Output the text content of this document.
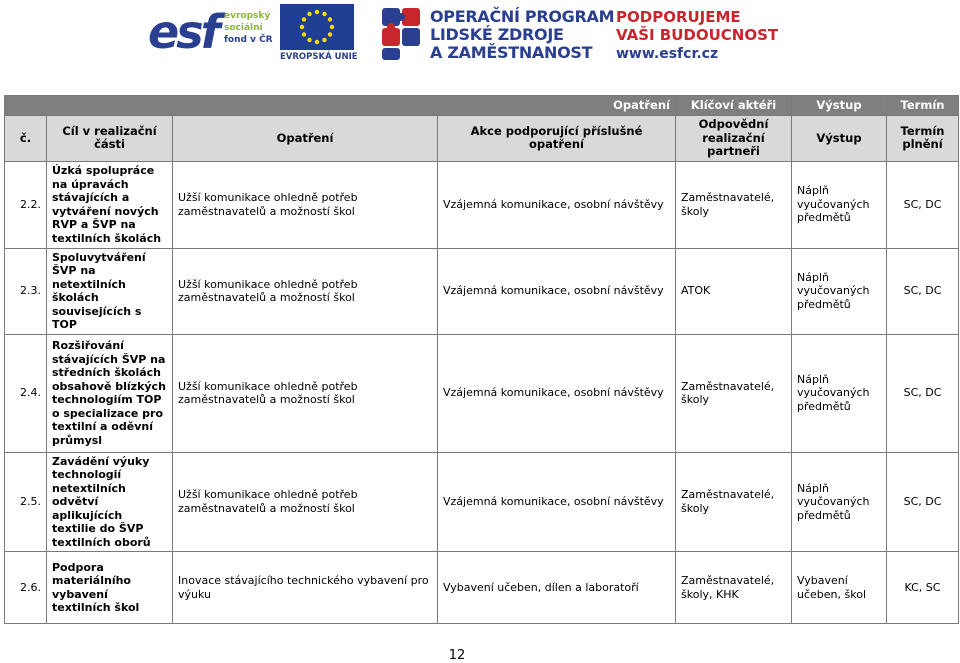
esf evropský
sociální
fond v ČR
EVROPSKÁ UNIE
OPERAČNÍ PROGRAM
LIDSKÉ ZDROJE
A ZAMĚSTNANOST
PODPORUJEME
VAŠI BUDOUCNOST
www.esfcr.cz
Opatření				Klíčoví aktéři	Výstup	Termín
č.	Cíl v realizační části	Opatření	Akce podporující příslušné opatření	Odpovědní realizační partneři	Výstup	Termín plnění
2.2.	Úzká spolupráce na úpravách stávajících a vytváření nových RVP a ŠVP na textilních školách	Užší komunikace ohledně potřeb zaměstnavatelů a možností škol	Vzájemná komunikace, osobní návštěvy	Zaměstnavatelé, školy	Náplň vyučovaných předmětů	SC, DC
2.3.	Spoluvytváření ŠVP na netextilních školách souvisejících s TOP	Užší komunikace ohledně potřeb zaměstnavatelů a možností škol	Vzájemná komunikace, osobní návštěvy	ATOK	Náplň vyučovaných předmětů	SC, DC
2.4.	Rozšiřování stávajících ŠVP na středních školách obsahově blízkých technologiím TOP o specializace pro textilní a oděvní průmysl	Užší komunikace ohledně potřeb zaměstnavatelů a možností škol	Vzájemná komunikace, osobní návštěvy	Zaměstnavatelé, školy	Náplň vyučovaných předmětů	SC, DC
2.5.	Zavádění výuky technologií netextilních odvětví aplikujících textilie do ŠVP textilních oborů	Užší komunikace ohledně potřeb zaměstnavatelů a možností škol	Vzájemná komunikace, osobní návštěvy	Zaměstnavatelé, školy	Náplň vyučovaných předmětů	SC, DC
2.6.	Podpora materiálního vybavení textilních škol	Inovace stávajícího technického vybavení pro výuku	Vybavení učeben, dílen a laboratoří	Zaměstnavatelé, školy, KHK	Vybavení učeben, škol	KC, SC
12
